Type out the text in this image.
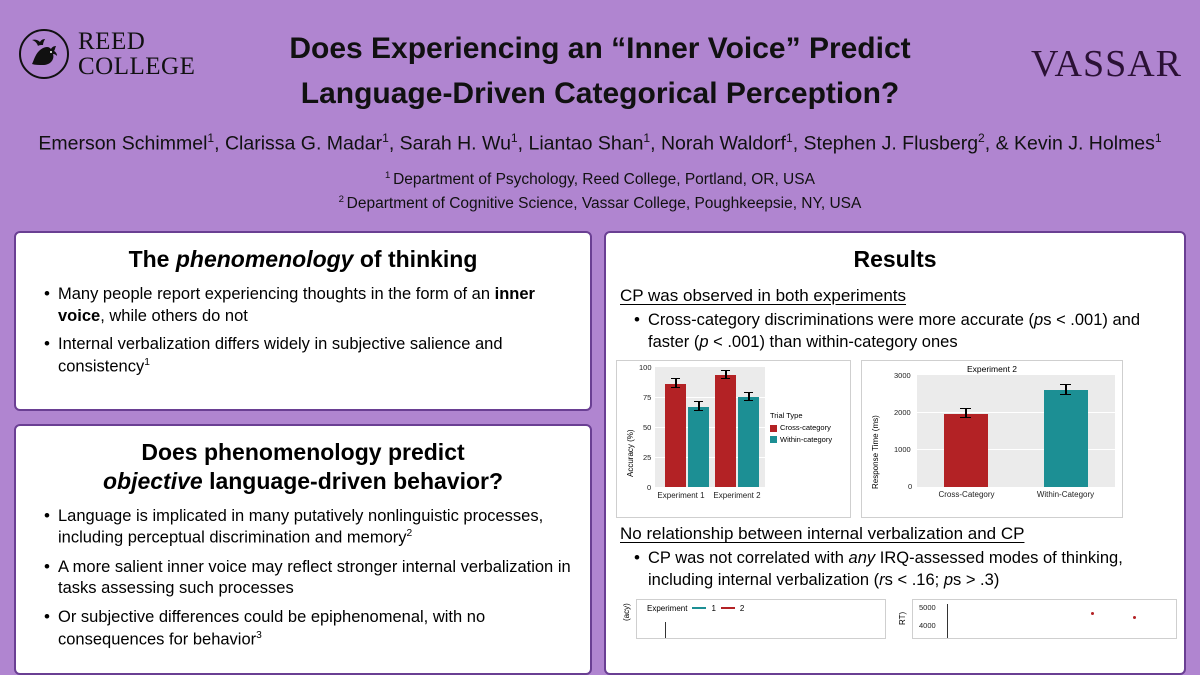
REED
COLLEGE	VASSAR
Does Experiencing an “Inner Voice” Predict
Language-Driven Categorical Perception?
Emerson Schimmel$^1$, Clarissa G. Madar$^1$, Sarah H. Wu$^1$, Liantao Shan$^1$, Norah Waldorf$^1$, Stephen J. Flusberg$^2$, & Kevin J. Holmes$^1$
$^1$ Department of Psychology, Reed College, Portland, OR, USA
$^2$ Department of Cognitive Science, Vassar College, Poughkeepsie, NY, USA
The phenomenology of thinking
• Many people report experiencing thoughts in the form of an inner voice, while others do not
• Internal verbalization differs widely in subjective salience and consistency$^1$
Does phenomenology predict
objective language-driven behavior?
• Language is implicated in many putatively nonlinguistic processes, including perceptual discrimination and memory$^2$
• A more salient inner voice may reflect stronger internal verbalization in tasks assessing such processes
• Or subjective differences could be epiphenomenal, with no consequences for behavior$^3$
Results
CP was observed in both experiments
• Cross-category discriminations were more accurate (ps < .001) and faster (p < .001) than within-category ones
Accuracy (%)
100
75
50
25
0
Experiment 1	Experiment 2
Trial Type
Cross-category
Within-category
Experiment 2
Response Time (ms)
3000
2000
1000
0
Cross-Category	Within-Category
No relationship between internal verbalization and CP
• CP was not correlated with any IRQ-assessed modes of thinking, including internal verbalization (rs < .16; ps > .3)
(acy) Experiment	1	2
RT)
5000
4000
